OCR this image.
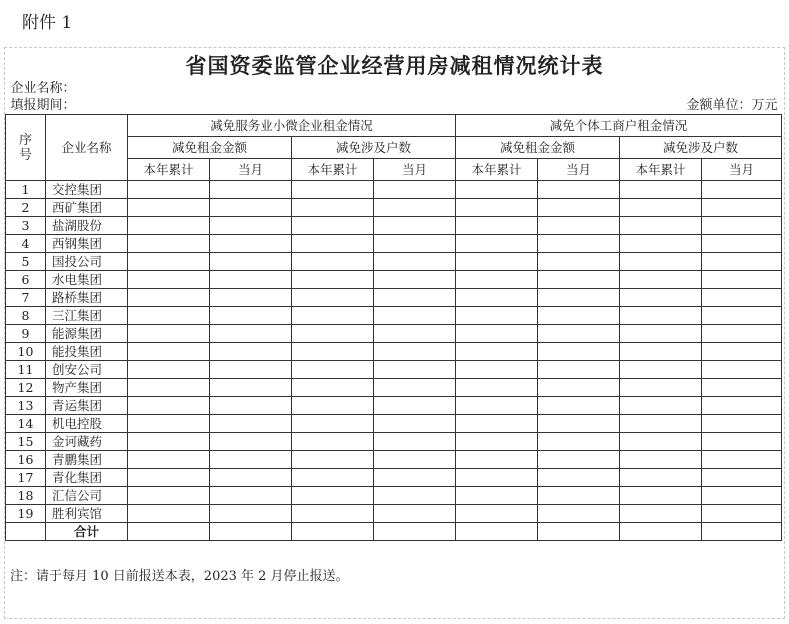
附件 1
省国资委监管企业经营用房减租情况统计表
企业名称：									
填报期间：								金额单位：万元	
序号	企业名称	减免服务业小微企业租金情况				减免个体工商户租金情况			
		减免租金金额		减免涉及户数		减免租金金额		减免涉及户数	
		本年累计	当月	本年累计	当月	本年累计	当月	本年累计	当月
1	交控集团								
2	西矿集团								
3	盐湖股份								
4	西钢集团								
5	国投公司								
6	水电集团								
7	路桥集团								
8	三江集团								
9	能源集团								
10	能投集团								
11	创安公司								
12	物产集团								
13	青运集团								
14	机电控股								
15	金诃藏药								
16	青鹏集团								
17	青化集团								
18	汇信公司								
19	胜利宾馆								
	合计								
注：请于每月 10 日前报送本表，2023 年 2 月停止报送。
